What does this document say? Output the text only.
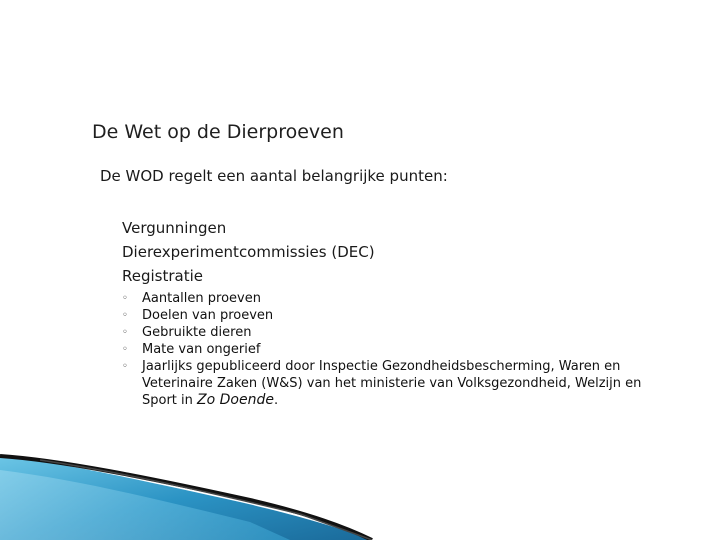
De Wet op de Dierproeven
De WOD regelt een aantal belangrijke punten:
Vergunningen
Dierexperimentcommissies (DEC)
Registratie
◦ Aantallen proeven
◦ Doelen van proeven
◦ Gebruikte dieren
◦ Mate van ongerief
◦ Jaarlijks gepubliceerd door Inspectie Gezondheidsbescherming, Waren en Veterinaire Zaken (W&S) van het ministerie van Volksgezondheid, Welzijn en Sport in Zo Doende.
